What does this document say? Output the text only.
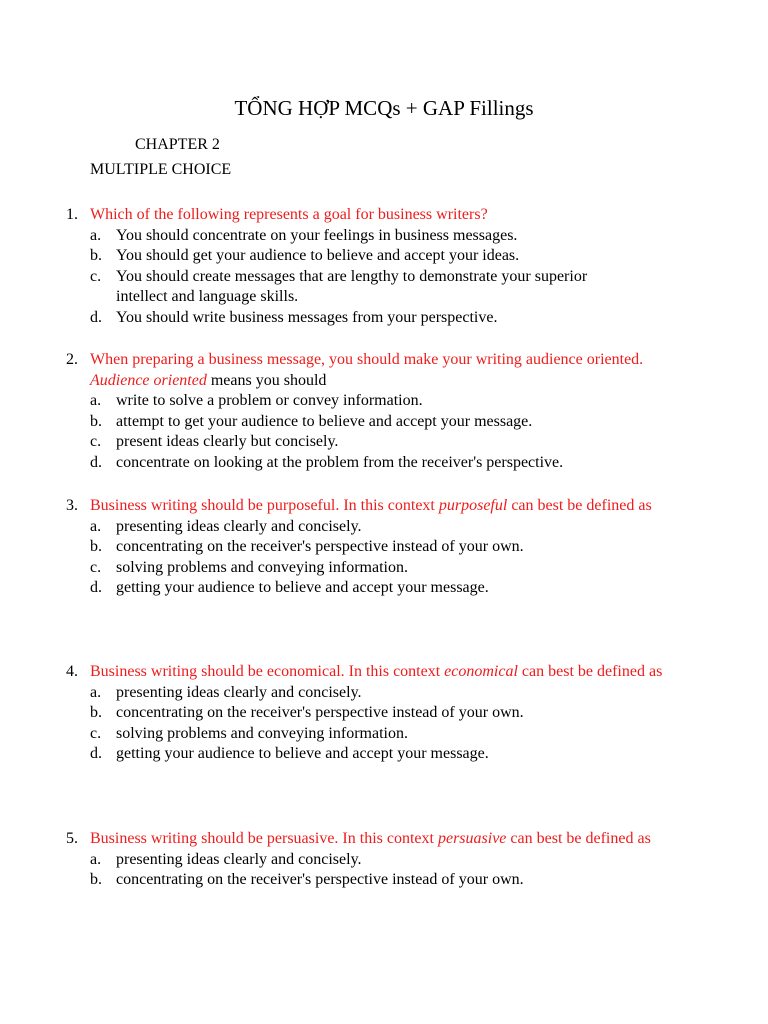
TỔNG HỢP MCQs + GAP Fillings
CHAPTER 2
MULTIPLE CHOICE
1. Which of the following represents a goal for business writers?
a. You should concentrate on your feelings in business messages.
b. You should get your audience to believe and accept your ideas.
c. You should create messages that are lengthy to demonstrate your superior intellect and language skills.
d. You should write business messages from your perspective.
2. When preparing a business message, you should make your writing audience oriented. Audience oriented means you should
a. write to solve a problem or convey information.
b. attempt to get your audience to believe and accept your message.
c. present ideas clearly but concisely.
d. concentrate on looking at the problem from the receiver's perspective.
3. Business writing should be purposeful. In this context purposeful can best be defined as
a. presenting ideas clearly and concisely.
b. concentrating on the receiver's perspective instead of your own.
c. solving problems and conveying information.
d. getting your audience to believe and accept your message.
4. Business writing should be economical. In this context economical can best be defined as
a. presenting ideas clearly and concisely.
b. concentrating on the receiver's perspective instead of your own.
c. solving problems and conveying information.
d. getting your audience to believe and accept your message.
5. Business writing should be persuasive. In this context persuasive can best be defined as
a. presenting ideas clearly and concisely.
b. concentrating on the receiver's perspective instead of your own.
